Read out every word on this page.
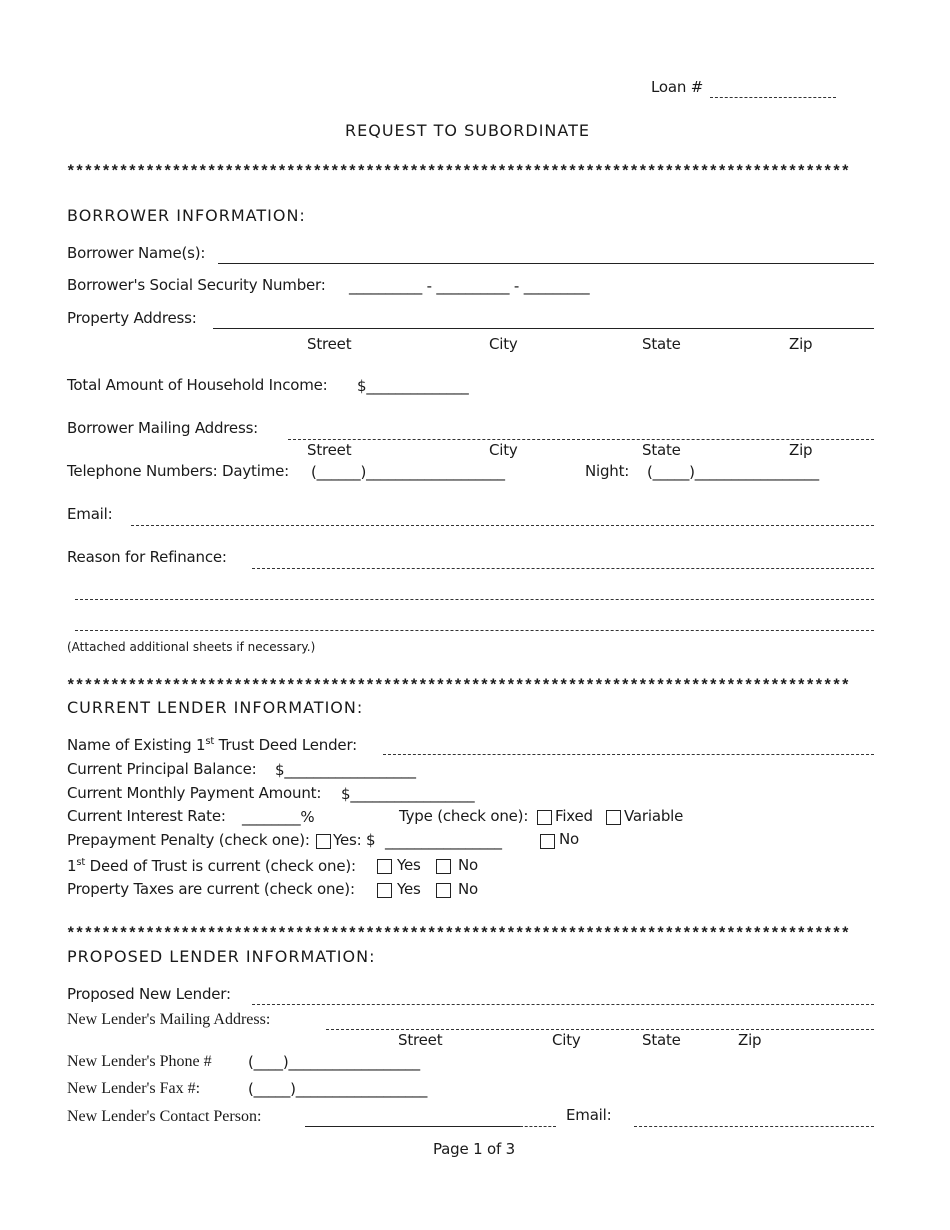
Loan #
REQUEST TO SUBORDINATE
*****************************************************************************************
BORROWER INFORMATION:
Borrower Name(s):
Borrower's Social Security Number: __________ - __________ - _________
Property Address:
Street	City	State	Zip
Total Amount of Household Income: $______________
Borrower Mailing Address:
Street	City	State	Zip
Telephone Numbers: Daytime: (______)___________________	Night: (_____)_________________
Email:
Reason for Refinance:
(Attached additional sheets if necessary.)
*****************************************************************************************
CURRENT LENDER INFORMATION:
Name of Existing 1st Trust Deed Lender:
Current Principal Balance: $__________________
Current Monthly Payment Amount: $_________________
Current Interest Rate: ________%	Type (check one): Fixed Variable
Prepayment Penalty (check one): Yes: $ ________________	No
1st Deed of Trust is current (check one):	Yes No
Property Taxes are current (check one):	Yes No
*****************************************************************************************
PROPOSED LENDER INFORMATION:
Proposed New Lender:
New Lender's Mailing Address:
Street	City	State	Zip
New Lender's Phone # (____)__________________
New Lender's Fax #:	(_____)__________________
New Lender's Contact Person:	Email:
Page 1 of 3
